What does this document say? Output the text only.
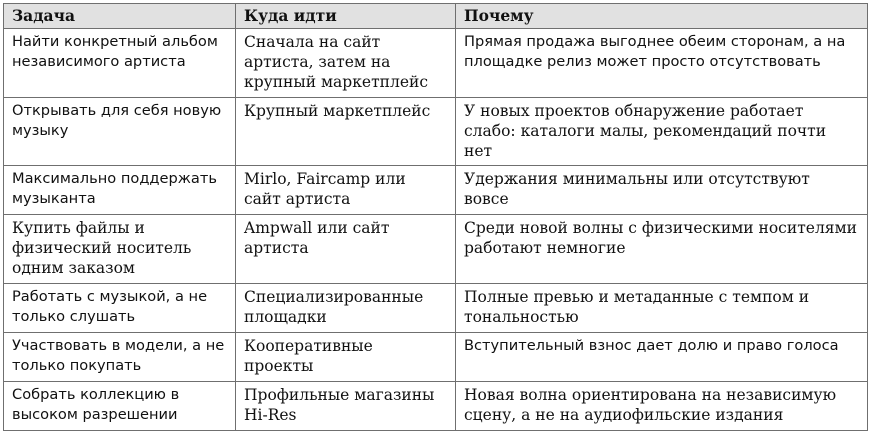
Задача	Куда идти	Почему
Найти конкретный альбом независимого артиста	Сначала на сайт артиста, затем на крупный маркетплейс	Прямая продажа выгоднее обеим сторонам, а на площадке релиз может просто отсутствовать
Открывать для себя новую музыку	Крупный маркетплейс	У новых проектов обнаружение работает слабо: каталоги малы, рекомендаций почти нет
Максимально поддержать музыканта	Mirlo, Faircamp или сайт артиста	Удержания минимальны или отсутствуют вовсе
Купить файлы и физический носитель одним заказом	Ampwall или сайт артиста	Среди новой волны с физическими носителями работают немногие
Работать с музыкой, а не только слушать	Специализированные площадки	Полные превью и метаданные с темпом и тональностью
Участвовать в модели, а не только покупать	Кооперативные проекты	Вступительный взнос дает долю и право голоса
Собрать коллекцию в высоком разрешении	Профильные магазины Hi-Res	Новая волна ориентирована на независимую сцену, а не на аудиофильские издания
